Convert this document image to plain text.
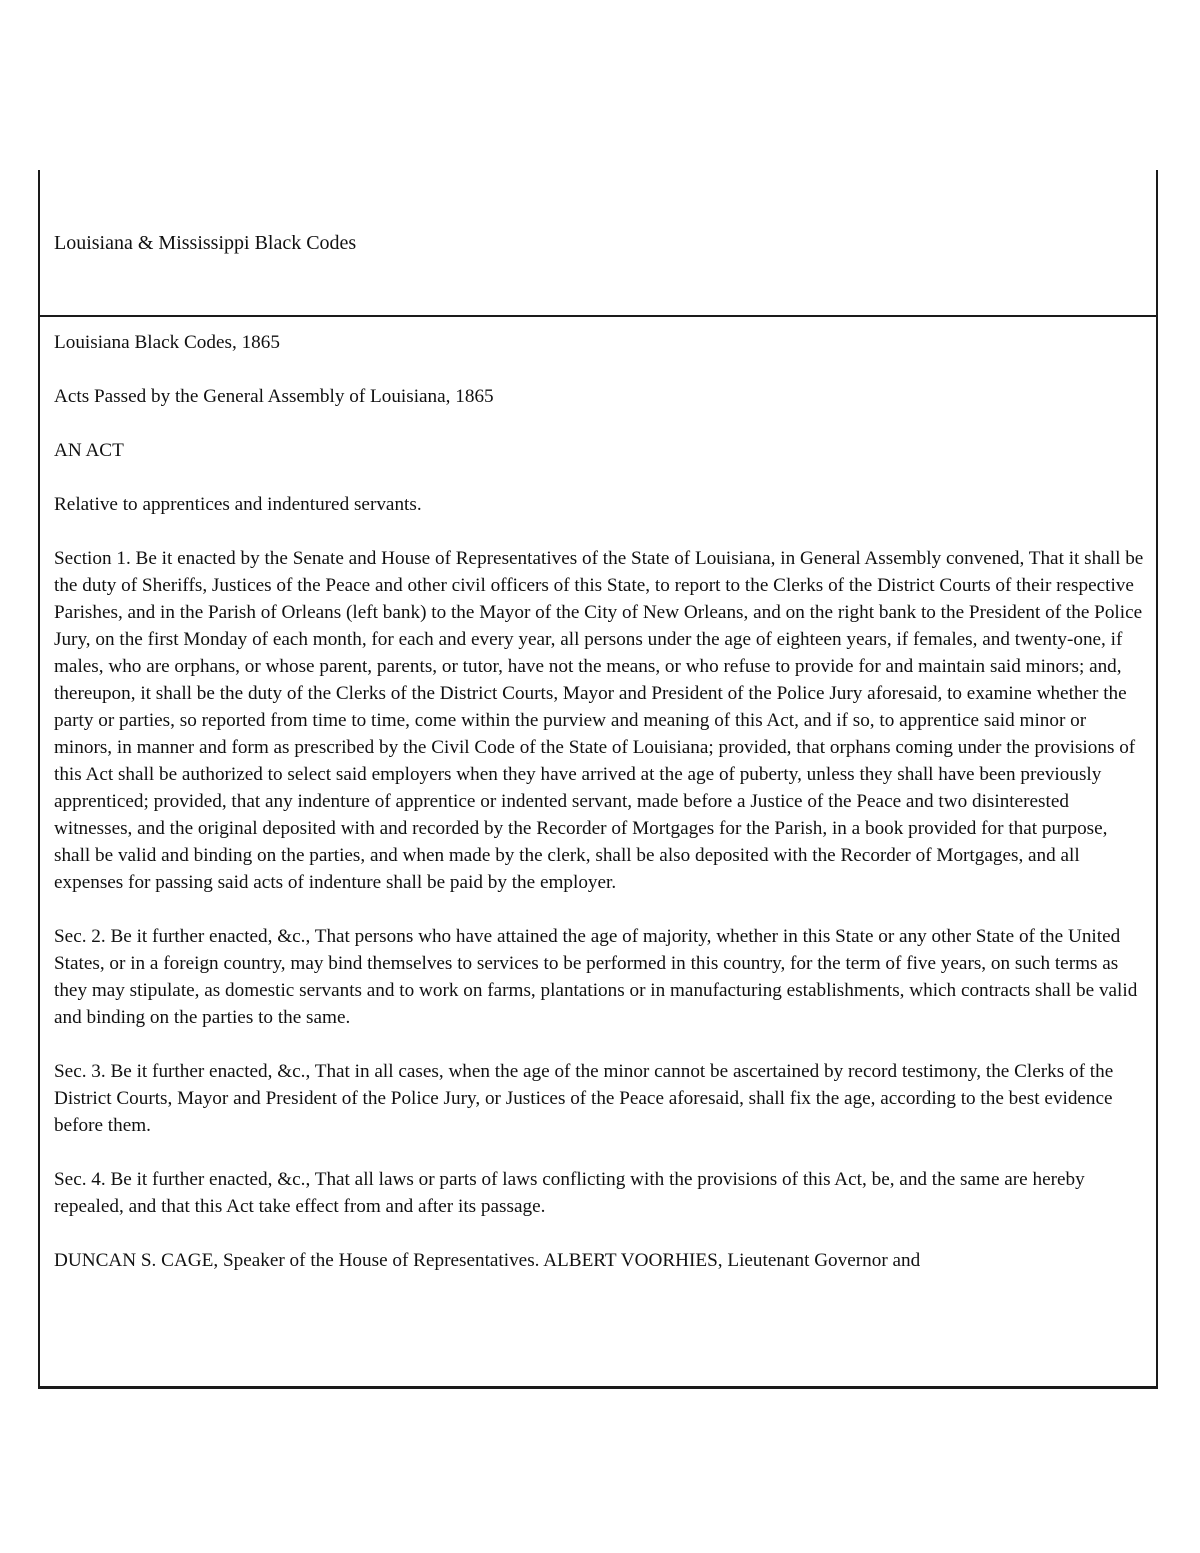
Louisiana & Mississippi Black Codes

Louisiana Black Codes, 1865

Acts Passed by the General Assembly of Louisiana, 1865

AN ACT

Relative to apprentices and indentured servants.

Section 1. Be it enacted by the Senate and House of Representatives of the State of Louisiana, in General Assembly convened, That it shall be the duty of Sheriffs, Justices of the Peace and other civil officers of this State, to report to the Clerks of the District Courts of their respective Parishes, and in the Parish of Orleans (left bank) to the Mayor of the City of New Orleans, and on the right bank to the President of the Police Jury, on the first Monday of each month, for each and every year, all persons under the age of eighteen years, if females, and twenty-one, if males, who are orphans, or whose parent, parents, or tutor, have not the means, or who refuse to provide for and maintain said minors; and, thereupon, it shall be the duty of the Clerks of the District Courts, Mayor and President of the Police Jury aforesaid, to examine whether the party or parties, so reported from time to time, come within the purview and meaning of this Act, and if so, to apprentice said minor or minors, in manner and form as prescribed by the Civil Code of the State of Louisiana; provided, that orphans coming under the provisions of this Act shall be authorized to select said employers when they have arrived at the age of puberty, unless they shall have been previously apprenticed; provided, that any indenture of apprentice or indented servant, made before a Justice of the Peace and two disinterested witnesses, and the original deposited with and recorded by the Recorder of Mortgages for the Parish, in a book provided for that purpose, shall be valid and binding on the parties, and when made by the clerk, shall be also deposited with the Recorder of Mortgages, and all expenses for passing said acts of indenture shall be paid by the employer.

Sec. 2. Be it further enacted, &c., That persons who have attained the age of majority, whether in this State or any other State of the United States, or in a foreign country, may bind themselves to services to be performed in this country, for the term of five years, on such terms as they may stipulate, as domestic servants and to work on farms, plantations or in manufacturing establishments, which contracts shall be valid and binding on the parties to the same.

Sec. 3. Be it further enacted, &c., That in all cases, when the age of the minor cannot be ascertained by record testimony, the Clerks of the District Courts, Mayor and President of the Police Jury, or Justices of the Peace aforesaid, shall fix the age, according to the best evidence before them.

Sec. 4. Be it further enacted, &c., That all laws or parts of laws conflicting with the provisions of this Act, be, and the same are hereby repealed, and that this Act take effect from and after its passage.

DUNCAN S. CAGE, Speaker of the House of Representatives. ALBERT VOORHIES, Lieutenant Governor and
